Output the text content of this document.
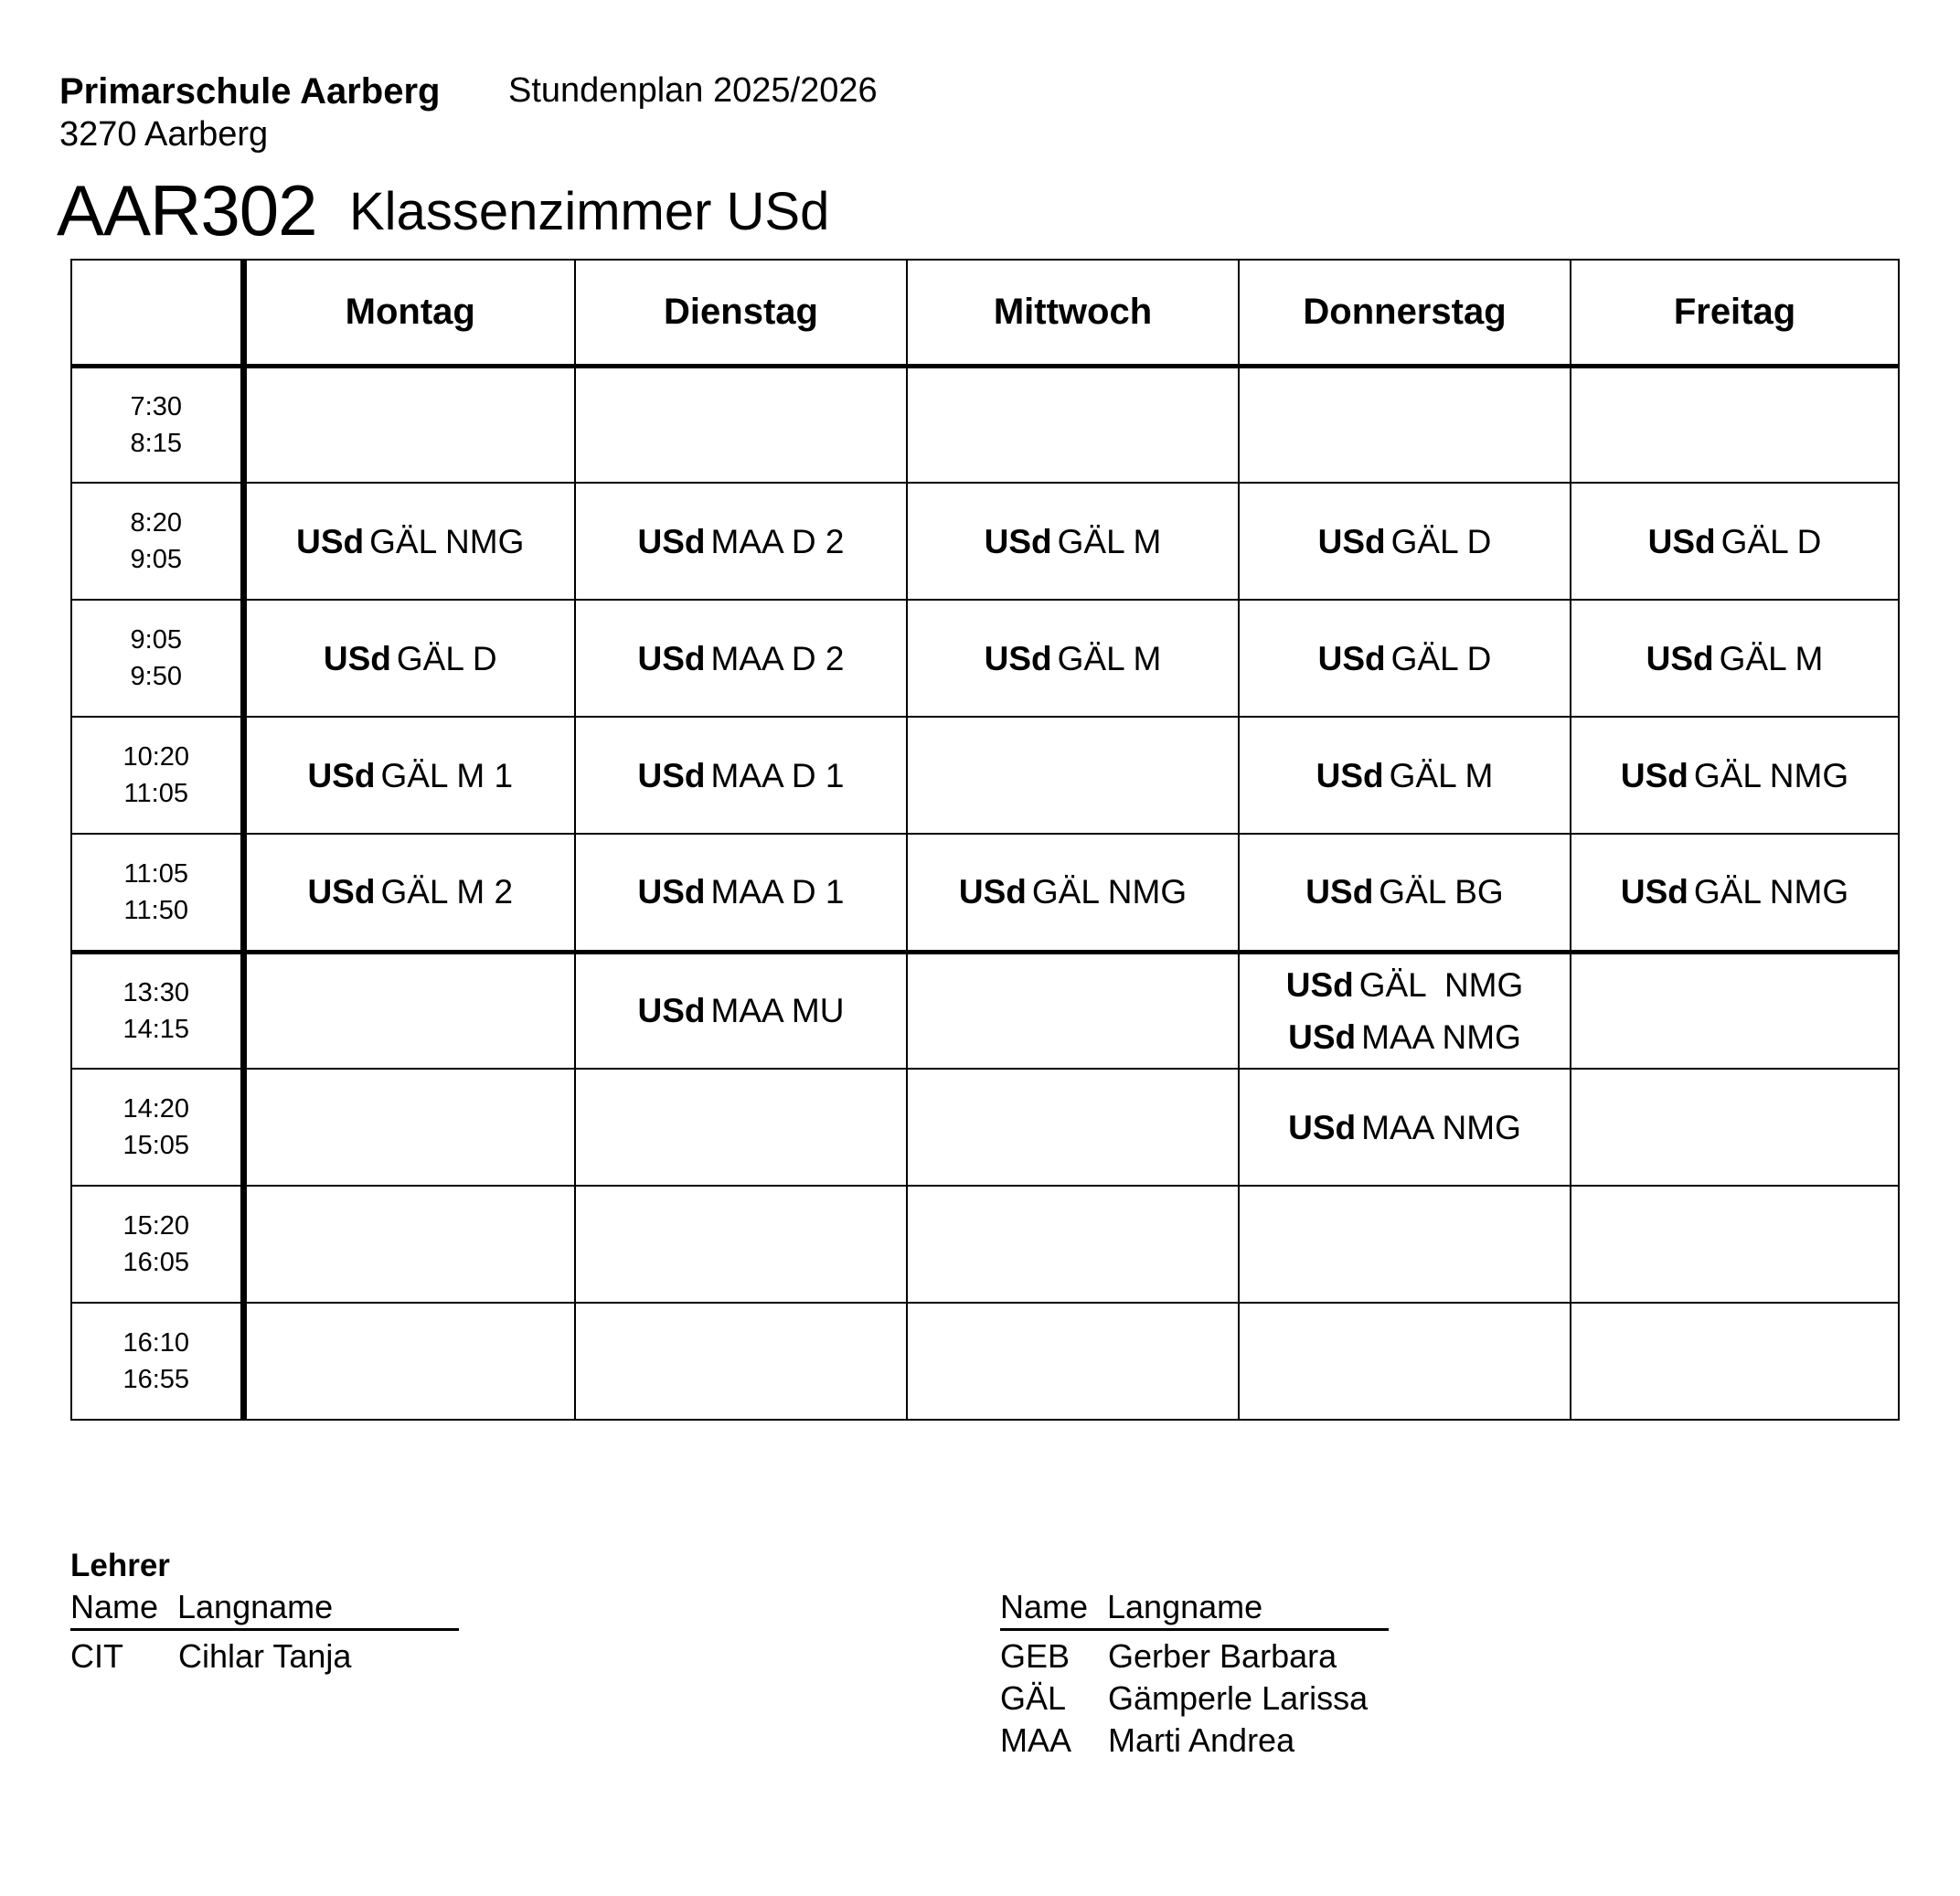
Primarschule Aarberg Stundenplan 2025/2026
3270 Aarberg
AAR302 Klassenzimmer USd
	Montag	Dienstag	Mittwoch	Donnerstag	Freitag

7:30
8:15					

8:20
9:05	USd GÄL NMG	USd MAA D 2	USd GÄL M	USd GÄL D	USd GÄL D

9:05
9:50	USd GÄL D	USd MAA D 2	USd GÄL M	USd GÄL D	USd GÄL M

10:20
11:05	USd GÄL M 1	USd MAA D 1		USd GÄL M	USd GÄL NMG

11:05
11:50	USd GÄL M 2	USd MAA D 1	USd GÄL NMG	USd GÄL BG	USd GÄL NMG

13:30
14:15		USd MAA MU		USd GÄL  NMG
USd MAA NMG	

14:20
15:05				USd MAA NMG	

15:20
16:05					

16:10
16:55					

Lehrer
Name Langname	Name Langname
CIT Cihlar Tanja	GEB Gerber Barbara
GÄL Gämperle Larissa
MAA Marti Andrea
